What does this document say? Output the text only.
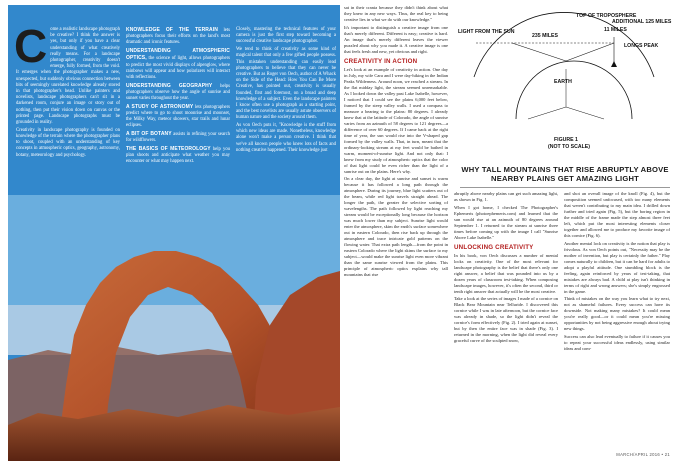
C ome a realistic landscape photograph be creative? I think the answer is yes, but only if you have a clear understanding of what creatively really means. For a landscape photographer, creativity doesn't emerge, fully formed, from the void. It emerges when the photographer makes a new, unexpected, but suddenly obvious connection between bits of seemingly unrelated knowledge already stored in that photographer's head. Unlike painters and novelists, landscape photographers can't sit in a darkened room, conjure an image or story out of nothing, then put their vision down on canvas or the printed page. Landscape photographs must be grounded in reality.

Creativity in landscape photography is founded on knowledge of the terrain where the photographer plans to shoot, coupled with an understanding of key concepts in atmospheric optics, geography, astronomy, botany, meteorology and psychology.

KNOWLEDGE OF THE TERRAIN lets photographers focus their efforts on the land's most dramatic and iconic features.

UNDERSTANDING ATMOSPHERIC OPTICS, the science of light, allows photographers to predict the most vivid displays of alpenglow, where rainbows will appear and how polarizers will interact with reflections.

UNDERSTANDING GEOGRAPHY helps photographers observe how the angle of sunrise and sunset varies throughout the year.

A STUDY OF ASTRONOMY lets photographers predict where to go to shoot moonrise and moonset, the Milky Way, meteor showers, star trails and lunar eclipses.

A BIT OF BOTANY assists in refining your search for wildflowers.

THE BASICS OF METEOROLOGY help you plan shoots and anticipate what weather you may encounter or what may happen next.

Closely, mastering the technical features of your camera is just the first step toward becoming a successful creative landscape photographer.

We tend to think of creativity as some kind of magical talent that only a few gifted people possess. This mistaken understanding can easily lead photographers to believe that they can never be creative. But as Roger von Oech, author of A Whack on the Side of the Head: How You Can Be More Creative, has pointed out, creativity is usually founded, first and foremost, on a broad and deep knowledge of a subject. Even the landscape painters I know often use a photograph as a starting point, and the best novelists are usually astute observers of human nature and the society around them.

As von Oech puts it, "Knowledge is the stuff from which new ideas are made. Nonetheless, knowledge alone won't make a person creative. I think that we've all known people who knew lots of facts and nothing creative happened. Their knowledge just

sat in their crania because they didn't think about what they knew in any new ways. Thus, the real key to being creative lies in what we do with our knowledge."

It's important to distinguish a creative image from one that's merely different. Different is easy; creative is hard. An image that's merely different leaves the viewer puzzled about why you made it. A creative image is one that feels fresh and new, yet obvious and right.

CREATIVITY IN ACTION

Let's look at an example of creativity in action. One day in July, my wife Cara and I were day-hiking in the Indian Peaks Wilderness. Around noon, we reached a stream. In the flat midday light, the stream seemed unremarkable. As I looked down the valley past Lake Isabelle, however, I noticed that I could see the plains 6,000 feet below, framed by the steep valley walls. I used a compass to measure a bearing to the plains: 80 degrees. I already knew that at the latitude of Colorado, the angle of sunrise varies from an azimuth of 58 degrees to 121 degrees—a difference of over 60 degrees. If I came back at the right time of year, the sun would rise into the V-shaped gap formed by the valley walls. That, in turn, meant that the ordinary-looking stream at my feet would be bathed in warm, moment-of-sunrise light. And not only that: I knew from my study of atmospheric optics that the color of that light could be even richer than the light of a sunrise out on the plains. Here's why.

On a clear day, the light at sunrise and sunset is warm because it has followed a long path through the atmosphere. During its journey, blue light scatters out of the beam, while red light travels straight ahead. The longer the path, the greater the selective sorting of wavelengths. The path followed by light reaching my stream would be exceptionally long because the horizon was much lower than my subject. Sunrise light would enter the atmosphere, skim the earth's surface somewhere out in eastern Colorado, then rise back up through the atmosphere and trace intricate gold patterns on the flowing water. That extra path length—from the point in eastern Colorado where the light skims the surface to my subject—would make the sunrise light even more vibrant than the same sunrise viewed from the plains. This principle of atmospheric optics explains why tall mountains that rise

TOP OF TROPOSPHERE
LIGHT FROM THE SUN
235 MILES
11 MILES
ADDITIONAL 125 MILES
LONGS PEAK
EARTH
FIGURE 1
(NOT TO SCALE)
WHY TALL MOUNTAINS THAT RISE ABRUPTLY ABOVE NEARBY PLAINS GET AMAZING LIGHT

abruptly above nearby plains can get such amazing light, as shown in Fig. 1.

When I got home, I checked The Photographer's Ephemeris (photoephemeris.com) and learned that the sun would rise at an azimuth of 80 degrees around September 1. I returned to the stream at sunrise three times before coming up with the image I call "Sunrise Above Lake Isabelle."

UNLOCKING CREATIVITY

In his book, von Oech discusses a number of mental locks on creativity. One of the most relevant for landscape photography is the belief that there's only one right answer, a belief that was pounded into us by a dozen years of classroom test-taking. When composing landscape images, however, it's often the second, third or tenth right answer that actually will be the most creative.

Take a look at the series of images I made of a cornice on Black Bear Mountain near Telluride. I discovered this cornice while I was in late afternoon, but the cornice face was already in shade, so the light didn't reveal the cornice's form effectively (Fig. 2). I tried again at sunset, but by then the entire face was in shade (Fig. 3). I returned in the morning, when the light did reveal every graceful curve of the sculpted snow,

and shot an overall image of the knoll (Fig. 4), but the composition seemed unfocused, with too many elements that weren't contributing to my main idea. I drilled down further and tried again (Fig. 5), but the boring region in the middle of the frame made the step almost three feet left, which put the most interesting elements closer together and allowed me to produce my favorite image of this cornice (Fig. 6).

Another mental lock on creativity is the notion that play is frivolous. As von Oech points out, "Necessity may be the mother of invention, but play is certainly the father." Play comes naturally to children, but it can be hard for adults to adopt a playful attitude. One stumbling block is the feeling, again reinforced by years of test-taking, that mistakes are always bad. A child at play isn't thinking in terms of right and wrong answers; she's simply engrossed in the game.

Think of mistakes on the way you learn what to try next, not as shameful failures. Every success can have its downside. Not making many mistakes? It could mean you're really good—or it could mean you're missing opportunities by not being aggressive enough about trying new things.

Success can also lead eventually to failure if it causes you to repeat your successful ideas endlessly, using similar ideas and com-

MARCH/APRIL 2016 • 21
